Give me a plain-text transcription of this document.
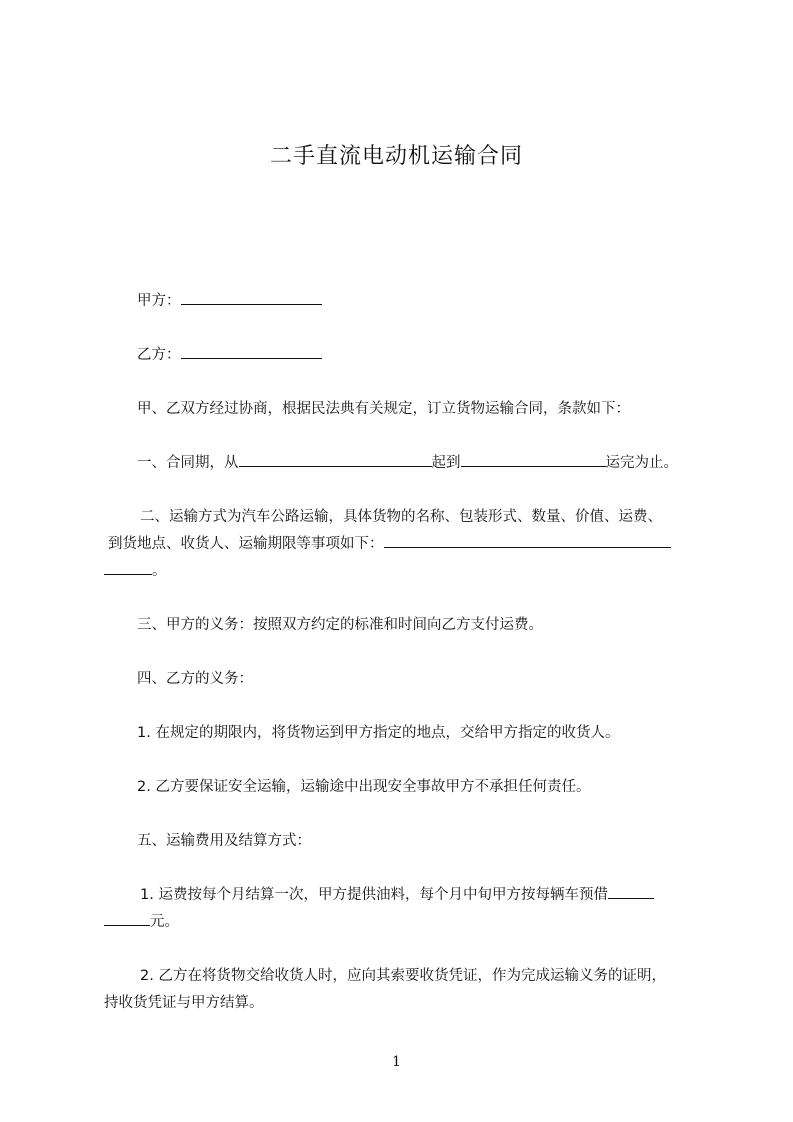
二手直流电动机运输合同
甲方：
乙方：
甲、乙双方经过协商，根据民法典有关规定，订立货物运输合同，条款如下：
一、合同期，从	起到	运完为止。
二、运输方式为汽车公路运输，具体货物的名称、包装形式、数量、价值、运费、
到货地点、收货人、运输期限等事项如下：
。
三、甲方的义务：按照双方约定的标准和时间向乙方支付运费。
四、乙方的义务：
1. 在规定的期限内，将货物运到甲方指定的地点，交给甲方指定的收货人。
2. 乙方要保证安全运输，运输途中出现安全事故甲方不承担任何责任。
五、运输费用及结算方式：
1. 运费按每个月结算一次，甲方提供油料，每个月中旬甲方按每辆车预借
元。
2. 乙方在将货物交给收货人时，应向其索要收货凭证，作为完成运输义务的证明，
持收货凭证与甲方结算。
1
